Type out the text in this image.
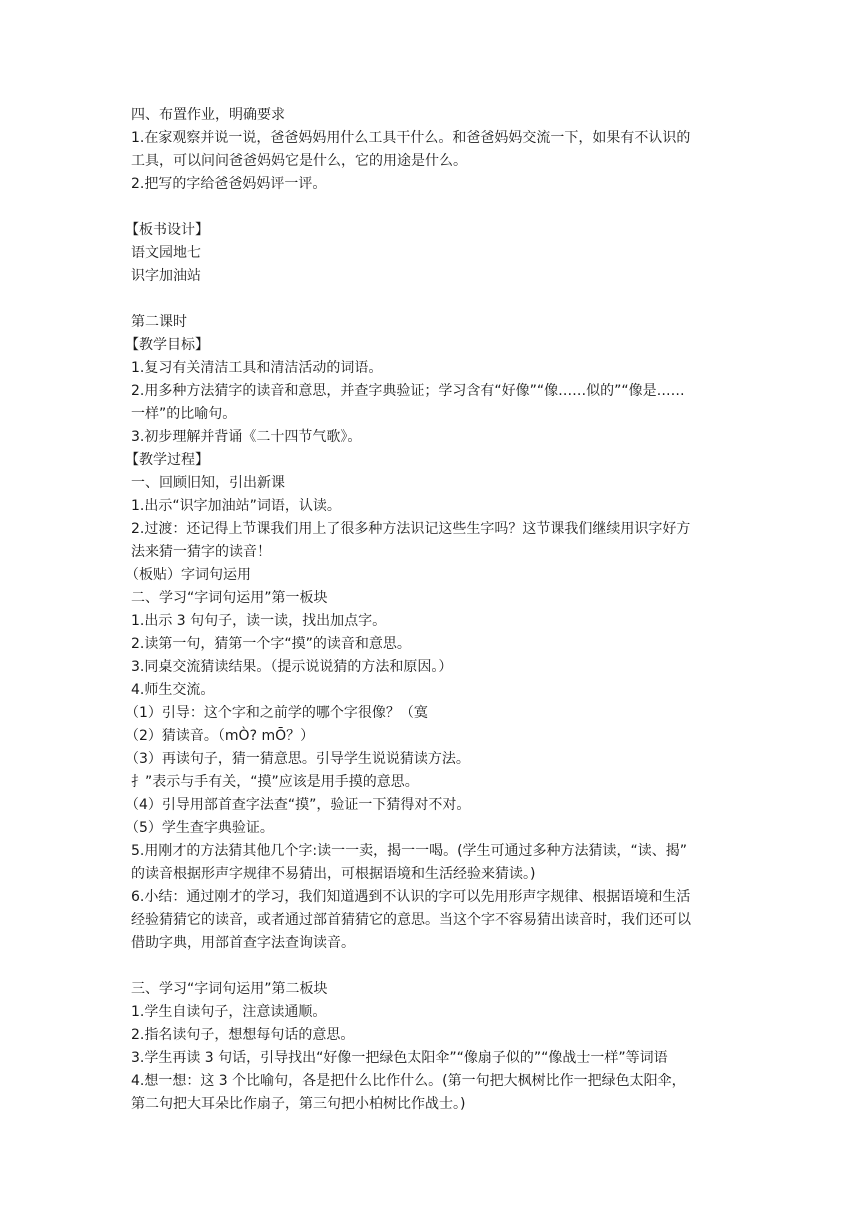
四、布置作业，明确要求
1.在家观察并说一说，爸爸妈妈用什么工具干什么。和爸爸妈妈交流一下，如果有不认识的
工具，可以问问爸爸妈妈它是什么，它的用途是什么。
2.把写的字给爸爸妈妈评一评。
【板书设计】
语文园地七
识字加油站
第二课时
【教学目标】
1.复习有关清洁工具和清洁活动的词语。
2.用多种方法猜字的读音和意思，并查字典验证；学习含有“好像”“像……似的”“像是……
一样”的比喻句。
3.初步理解并背诵《二十四节气歌》。
【教学过程】
一、回顾旧知，引出新课
1.出示“识字加油站”词语，认读。
2.过渡：还记得上节课我们用上了很多种方法识记这些生字吗？这节课我们继续用识字好方
法来猜一猜字的读音！
（板贴）字词句运用
二、学习“字词句运用”第一板块
1.出示 3 句句子，读一读，找出加点字。
2.读第一句，猜第一个字“摸”的读音和意思。
3.同桌交流猜读结果。（提示说说猜的方法和原因。）
4.师生交流。
（1）引导：这个字和之前学的哪个字很像？（寞
（2）猜读音。（mÒ? mŌ？）
（3）再读句子，猜一猜意思。引导学生说说猜读方法。
扌”表示与手有关，“摸”应该是用手摸的意思。
（4）引导用部首查字法查“摸”，验证一下猜得对不对。
（5）学生查字典验证。
5.用刚才的方法猜其他几个字:读一一卖，揭一一喝。(学生可通过多种方法猜读，“读、揭”
的读音根据形声字规律不易猜出，可根据语境和生活经验来猜读。)
6.小结：通过刚才的学习，我们知道遇到不认识的字可以先用形声字规律、根据语境和生活
经验猜猜它的读音，或者通过部首猜猜它的意思。当这个字不容易猜出读音时，我们还可以
借助字典，用部首查字法查询读音。
三、学习“字词句运用”第二板块
1.学生自读句子，注意读通顺。
2.指名读句子，想想每句话的意思。
3.学生再读 3 句话，引导找出“好像一把绿色太阳伞”“像扇子似的”“像战士一样”等词语
4.想一想：这 3 个比喻句，各是把什么比作什么。(第一句把大枫树比作一把绿色太阳伞，
第二句把大耳朵比作扇子，第三句把小柏树比作战士。)
